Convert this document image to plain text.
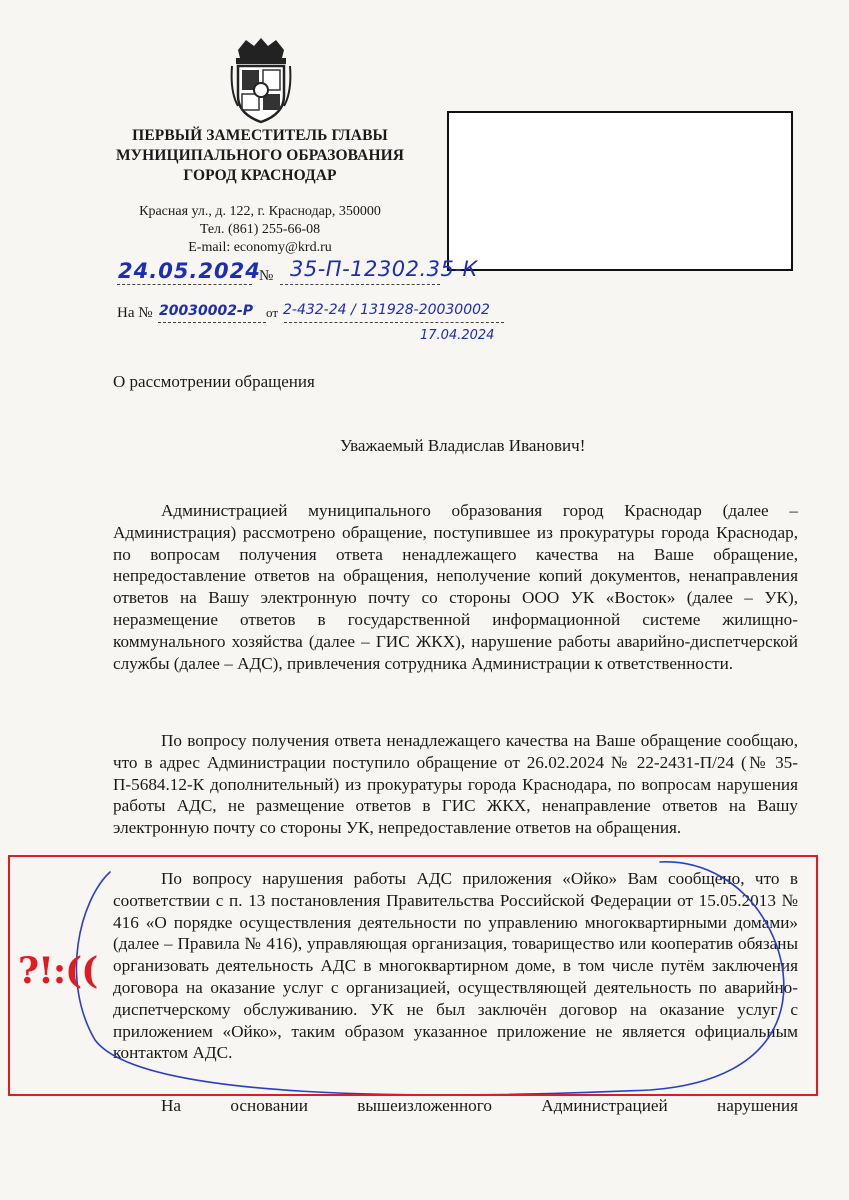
ПЕРВЫЙ ЗАМЕСТИТЕЛЬ ГЛАВЫ
МУНИЦИПАЛЬНОГО ОБРАЗОВАНИЯ
ГОРОД КРАСНОДАР
Красная ул., д. 122, г. Краснодар, 350000
Тел. (861) 255-66-08
E-mail: economy@krd.ru
24.05.2024
№ 35-П-12302.35-К
На № 20030002-P от 2-432-24 / 131928-20030002
17.04.2024
О рассмотрении обращения
Уважаемый Владислав Иванович!

Администрацией муниципального образования город Краснодар (далее – Администрация) рассмотрено обращение, поступившее из прокуратуры города Краснодар, по вопросам получения ответа ненадлежащего качества на Ваше обращение, непредоставление ответов на обращения, неполучение копий документов, ненаправления ответов на Вашу электронную почту со стороны ООО УК «Восток» (далее – УК), неразмещение ответов в государственной информационной системе жилищно-коммунального хозяйства (далее – ГИС ЖКХ), нарушение работы аварийно-диспетчерской службы (далее – АДС), привлечения сотрудника Администрации к ответственности.

По вопросу получения ответа ненадлежащего качества на Ваше обращение сообщаю, что в адрес Администрации поступило обращение от 26.02.2024 № 22-2431-П/24 (№ 35-П-5684.12-К дополнительный) из прокуратуры города Краснодара, по вопросам нарушения работы АДС, не размещение ответов в ГИС ЖКХ, ненаправление ответов на Вашу электронную почту со стороны УК, непредоставление ответов на обращения.

По вопросу нарушения работы АДС приложения «Ойко» Вам сообщено, что в соответствии с п. 13 постановления Правительства Российской Федерации от 15.05.2013 № 416 «О порядке осуществления деятельности по управлению многоквартирными домами» (далее – Правила № 416), управляющая организация, товарищество или кооператив обязаны организовать деятельность АДС в многоквартирном доме, в том числе путём заключения договора на оказание услуг с организацией, осуществляющей деятельность по аварийно-диспетчерскому обслуживанию. УК не был заключён договор на оказание услуг с приложением «Ойко», таким образом указанное приложение не является официальным контактом АДС.

На основании вышеизложенного Администрацией нарушения

?!:((
